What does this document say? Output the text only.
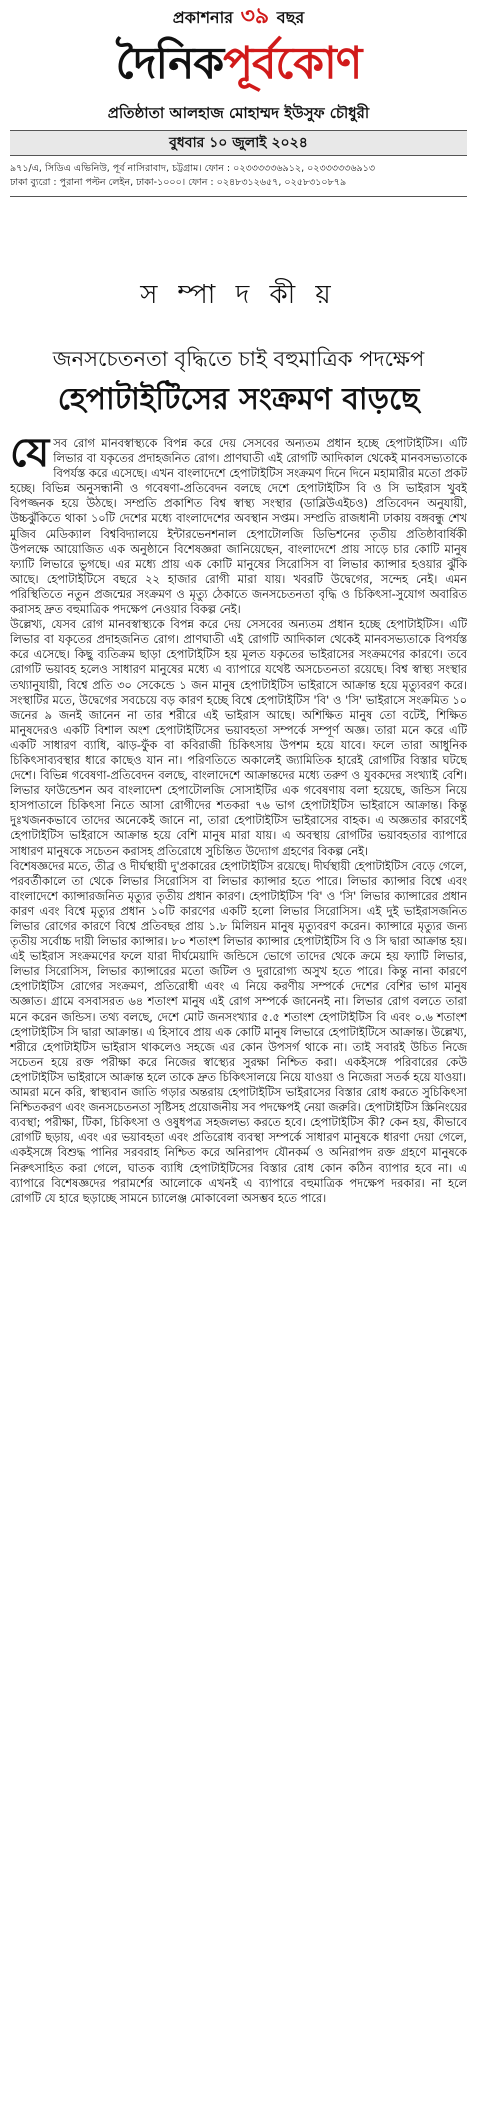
প্রকাশনার ৩৯ বছর
দৈনিকপূর্বকোণ
প্রতিষ্ঠাতা আলহাজ মোহাম্মদ ইউসুফ চৌধুরী
বুধবার ১০ জুলাই ২০২৪
৯৭১/এ, সিডিএ এভিনিউ, পূর্ব নাসিরাবাদ, চট্টগ্রাম। ফোন : ০২৩৩৩৩৩৬৯১২, ০২৩৩৩৩৩৬৯১৩
ঢাকা ব্যুরো : পুরানা পল্টন লেইন, ঢাকা-১০০০। ফোন : ০২৪৮৩১২৬৫৭, ০২৫৮৩১০৮৭৯
স ম্পা দ কী য়
জনসচেতনতা বৃদ্ধিতে চাই বহুমাত্রিক পদক্ষেপ
হেপাটাইটিসের সংক্রমণ বাড়ছে

যেসব রোগ মানবস্বাস্থ্যকে বিপন্ন করে দেয় সেসবের অন্যতম প্রধান হচ্ছে হেপাটাইটিস। এটি লিভার বা যকৃতের প্রদাহজনিত রোগ। প্রাণঘাতী এই রোগটি আদিকাল থেকেই মানবসভ্যতাকে বিপর্যস্ত করে এসেছে। এখন বাংলাদেশে হেপাটাইটিস সংক্রমণ দিনে দিনে মহামারীর মতো প্রকট হচ্ছে। বিভিন্ন অনুসন্ধানী ও গবেষণা-প্রতিবেদন বলছে দেশে হেপাটাইটিস বি ও সি ভাইরাস খুবই বিপজ্জনক হয়ে উঠছে। সম্প্রতি প্রকাশিত বিশ্ব স্বাস্থ্য সংস্থার (ডাব্লিউএইচও) প্রতিবেদন অনুযায়ী, উচ্চঝুঁকিতে থাকা ১০টি দেশের মধ্যে বাংলাদেশের অবস্থান সপ্তম। সম্প্রতি রাজধানী ঢাকায় বঙ্গবন্ধু শেখ মুজিব মেডিক্যাল বিশ্ববিদ্যালয়ে ইন্টারভেনশনাল হেপাটোলজি ডিভিশনের তৃতীয় প্রতিষ্ঠাবার্ষিকী উপলক্ষে আয়োজিত এক অনুষ্ঠানে বিশেষজ্ঞরা জানিয়েছেন, বাংলাদেশে প্রায় সাড়ে চার কোটি মানুষ ফ্যাটি লিভারে ভুগছে। এর মধ্যে প্রায় এক কোটি মানুষের সিরোসিস বা লিভার ক্যান্সার হওয়ার ঝুঁকি আছে। হেপাটাইটিসে বছরে ২২ হাজার রোগী মারা যায়। খবরটি উদ্বেগের, সন্দেহ নেই। এমন পরিস্থিতিতে নতুন প্রজন্মের সংক্রমণ ও মৃত্যু ঠেকাতে জনসচেতনতা বৃদ্ধি ও চিকিৎসা-সুযোগ অবারিত করাসহ দ্রুত বহুমাত্রিক পদক্ষেপ নেওয়ার বিকল্প নেই।

উল্লেখ্য, যেসব রোগ মানবস্বাস্থ্যকে বিপন্ন করে দেয় সেসবের অন্যতম প্রধান হচ্ছে হেপাটাইটিস। এটি লিভার বা যকৃতের প্রদাহজনিত রোগ। প্রাণঘাতী এই রোগটি আদিকাল থেকেই মানবসভ্যতাকে বিপর্যস্ত করে এসেছে। কিছু ব্যতিক্রম ছাড়া হেপাটাইটিস হয় মূলত যকৃতের ভাইরাসের সংক্রমণের কারণে। তবে রোগটি ভয়াবহ হলেও সাধারণ মানুষের মধ্যে এ ব্যাপারে যথেষ্ট অসচেতনতা রয়েছে। বিশ্ব স্বাস্থ্য সংস্থার তথ্যানুযায়ী, বিশ্বে প্রতি ৩০ সেকেন্ডে ১ জন মানুষ হেপাটাইটিস ভাইরাসে আক্রান্ত হয়ে মৃত্যুবরণ করে। সংস্থাটির মতে, উদ্বেগের সবচেয়ে বড় কারণ হচ্ছে বিশ্বে হেপাটাইটিস 'বি' ও 'সি' ভাইরাসে সংক্রমিত ১০ জনের ৯ জনই জানেন না তার শরীরে এই ভাইরাস আছে। অশিক্ষিত মানুষ তো বটেই, শিক্ষিত মানুষদেরও একটি বিশাল অংশ হেপাটাইটিসের ভয়াবহতা সম্পর্কে সম্পূর্ণ অজ্ঞ। তারা মনে করে এটি একটি সাধারণ ব্যাধি, ঝাড়-ফুঁক বা কবিরাজী চিকিৎসায় উপশম হয়ে যাবে। ফলে তারা আধুনিক চিকিৎসাব্যবস্থার ধারে কাছেও যান না। পরিণতিতে অকালেই জ্যামিতিক হারেই রোগটির বিস্তার ঘটছে দেশে। বিভিন্ন গবেষণা-প্রতিবেদন বলছে, বাংলাদেশে আক্রান্তদের মধ্যে তরুণ ও যুবকদের সংখ্যাই বেশি। লিভার ফাউন্ডেশন অব বাংলাদেশ হেপাটোলজি সোসাইটির এক গবেষণায় বলা হয়েছে, জন্ডিস নিয়ে হাসপাতালে চিকিৎসা নিতে আসা রোগীদের শতকরা ৭৬ ভাগ হেপাটাইটিস ভাইরাসে আক্রান্ত। কিন্তু দুঃখজনকভাবে তাদের অনেকেই জানে না, তারা হেপাটাইটিস ভাইরাসের বাহক। এ অজ্ঞতার কারণেই হেপাটাইটিস ভাইরাসে আক্রান্ত হয়ে বেশি মানুষ মারা যায়। এ অবস্থায় রোগটির ভয়াবহতার ব্যাপারে সাধারণ মানুষকে সচেতন করাসহ প্রতিরোধে সুচিন্তিত উদ্যোগ গ্রহণের বিকল্প নেই।

বিশেষজ্ঞদের মতে, তীব্র ও দীর্ঘস্থায়ী দু'প্রকারের হেপাটাইটিস রয়েছে। দীর্ঘস্থায়ী হেপাটাইটিস বেড়ে গেলে, পরবর্তীকালে তা থেকে লিভার সিরোসিস বা লিভার ক্যান্সার হতে পারে। লিভার ক্যান্সার বিশ্বে এবং বাংলাদেশে ক্যান্সারজনিত মৃত্যুর তৃতীয় প্রধান কারণ। হেপাটাইটিস 'বি' ও 'সি' লিভার ক্যান্সারের প্রধান কারণ এবং বিশ্বে মৃত্যুর প্রধান ১০টি কারণের একটি হলো লিভার সিরোসিস। এই দুই ভাইরাসজনিত লিভার রোগের কারণে বিশ্বে প্রতিবছর প্রায় ১.৮ মিলিয়ন মানুষ মৃত্যুবরণ করেন। ক্যান্সারে মৃত্যুর জন্য তৃতীয় সর্বোচ্চ দায়ী লিভার ক্যান্সার। ৮০ শতাংশ লিভার ক্যান্সার হেপাটাইটিস বি ও সি দ্বারা আক্রান্ত হয়। এই ভাইরাস সংক্রমণের ফলে যারা দীর্ঘমেয়াদি জন্ডিসে ভোগে তাদের থেকে ক্রমে হয় ফ্যাটি লিভার, লিভার সিরোসিস, লিভার ক্যান্সারের মতো জটিল ও দুরারোগ্য অসুখ হতে পারে। কিন্তু নানা কারণে হেপাটাইটিস রোগের সংক্রমণ, প্রতিরোধী এবং এ নিয়ে করণীয় সম্পর্কে দেশের বেশির ভাগ মানুষ অজ্ঞাত। গ্রামে বসবাসরত ৬৪ শতাংশ মানুষ এই রোগ সম্পর্কে জানেনই না। লিভার রোগ বলতে তারা মনে করেন জন্ডিস। তথ্য বলছে, দেশে মোট জনসংখ্যার ৫.৫ শতাংশ হেপাটাইটিস বি এবং ০.৬ শতাংশ হেপাটাইটিস সি দ্বারা আক্রান্ত। এ হিসাবে প্রায় এক কোটি মানুষ লিভারে হেপাটাইটিসে আক্রান্ত। উল্লেখ্য, শরীরে হেপাটাইটিস ভাইরাস থাকলেও সহজে এর কোন উপসর্গ থাকে না। তাই সবারই উচিত নিজে সচেতন হয়ে রক্ত পরীক্ষা করে নিজের স্বাস্থ্যের সুরক্ষা নিশ্চিত করা। একইসঙ্গে পরিবারের কেউ হেপাটাইটিস ভাইরাসে আক্রান্ত হলে তাকে দ্রুত চিকিৎসালয়ে নিয়ে যাওয়া ও নিজেরা সতর্ক হয়ে যাওয়া।

আমরা মনে করি, স্বাস্থ্যবান জাতি গড়ার অন্তরায় হেপাটাইটিস ভাইরাসের বিস্তার রোধ করতে সুচিকিৎসা নিশ্চিতকরণ এবং জনসচেতনতা সৃষ্টিসহ প্রয়োজনীয় সব পদক্ষেপই নেয়া জরুরি। হেপাটাইটিস স্ক্রিনিংয়ের ব্যবস্থা; পরীক্ষা, টিকা, চিকিৎসা ও ওষুধপত্র সহজলভ্য করতে হবে। হেপাটাইটিস কী? কেন হয়, কীভাবে রোগটি ছড়ায়, এবং এর ভয়াবহতা এবং প্রতিরোধ ব্যবস্থা সম্পর্কে সাধারণ মানুষকে ধারণা দেয়া গেলে, একইসঙ্গে বিশুদ্ধ পানির সরবরাহ নিশ্চিত করে অনিরাপদ যৌনকর্ম ও অনিরাপদ রক্ত গ্রহণে মানুষকে নিরুৎসাহিত করা গেলে, ঘাতক ব্যাধি হেপাটাইটিসের বিস্তার রোধ কোন কঠিন ব্যাপার হবে না। এ ব্যাপারে বিশেষজ্ঞদের পরামর্শের আলোকে এখনই এ ব্যাপারে বহুমাত্রিক পদক্ষেপ দরকার। না হলে রোগটি যে হারে ছড়াচ্ছে সামনে চ্যালেঞ্জ মোকাবেলা অসম্ভব হতে পারে।
